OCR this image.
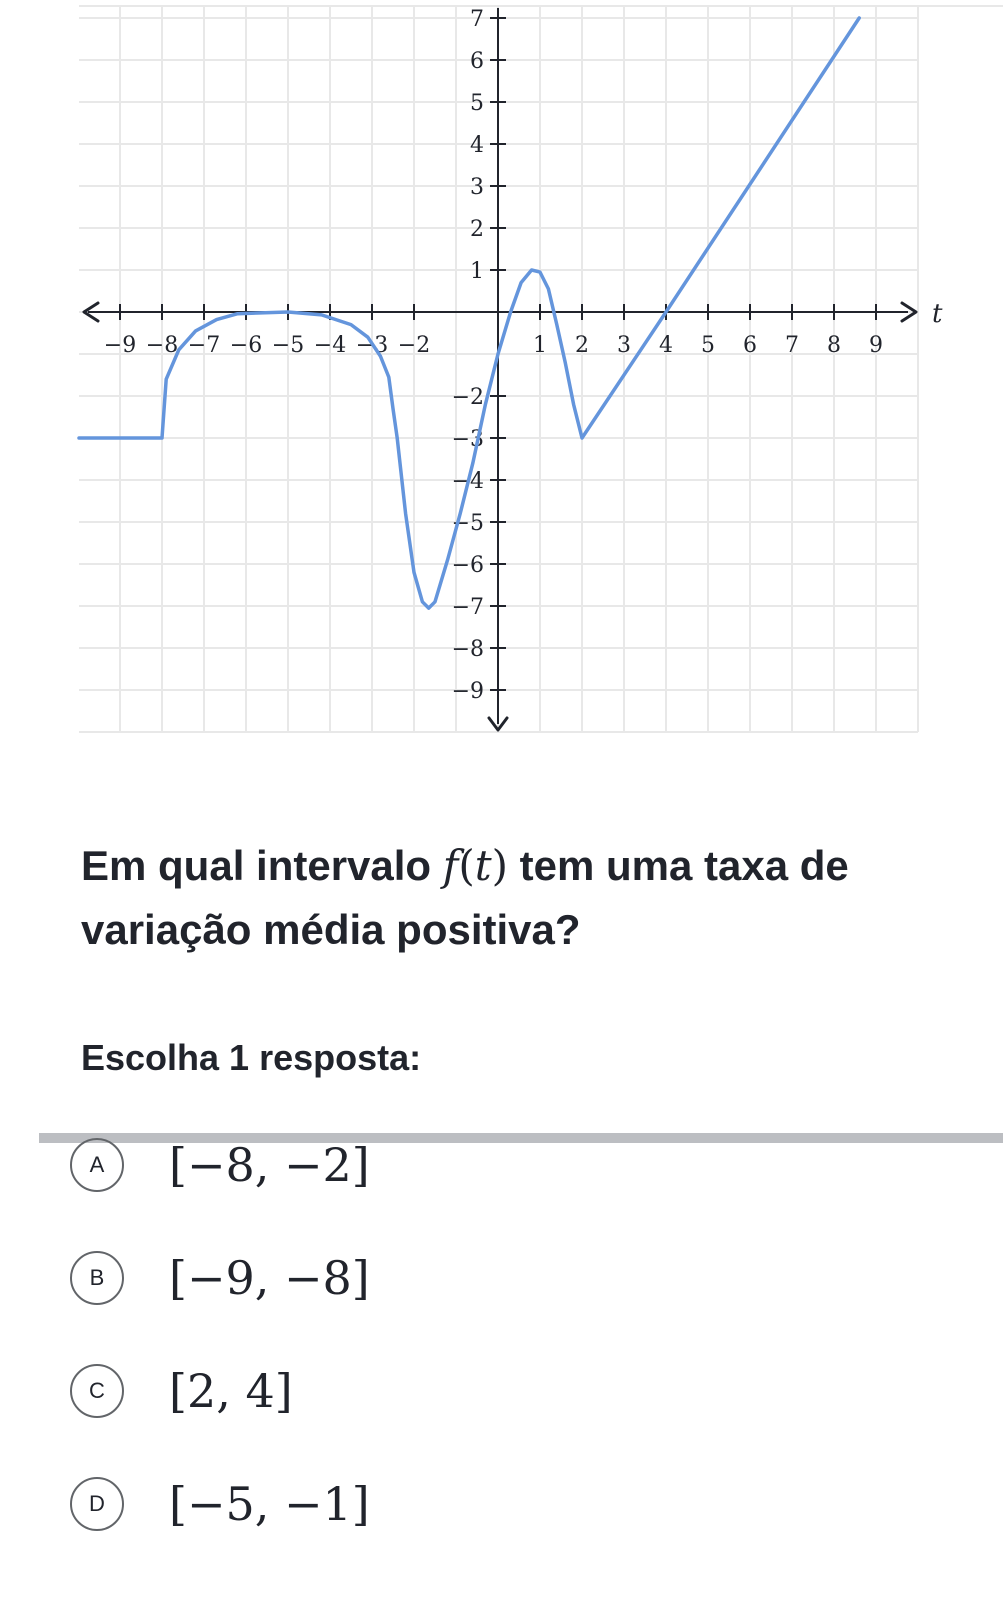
t
−9 −8 −7 −6 −5 −4 −3 −2	1 2 3 4 5 6 7 8 9
7
6
5
4
3
2
1
−2
−3
−4
−5
−6
−7
−8
−9
Em qual intervalo f(t) tem uma taxa de variação média positiva?
Escolha 1 resposta:
A [−8, −2]
B [−9, −8]
C [2, 4]
D [−5, −1]
